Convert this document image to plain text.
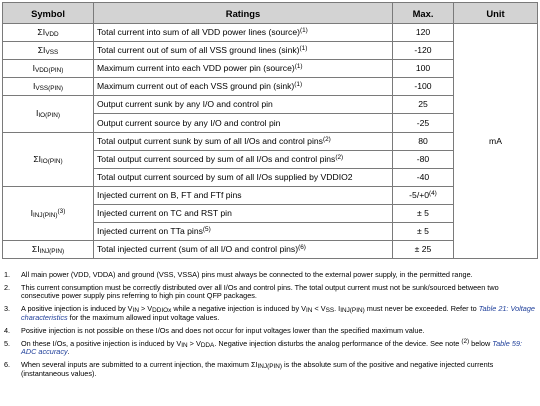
Symbol	Ratings	Max.	Unit
$\Sigma I_{VDD}$	Total current into sum of all VDD power lines (source)$^{(1)}$	120	mA
$\Sigma I_{VSS}$	Total current out of sum of all VSS ground lines $(\sin k)^{(1)}$	-120	
$I_{VDD(PIN)}$	Maximum current into each VDD power pin (source)$^{(1)}$	100	
$I_{VSS(PIN)}$	Maximum current out of each VSS ground pin $(\sin k)^{(1)}$	-100	
$I_{IO(PIN)}$	Output current sunk by any I/O and control pin	25	
	Output current source by any I/O and control pin	-25	
$\Sigma I_{IO(PIN)}$	Total output current sunk by sum of all I/Os and control pins$^{(2)}$	80	
	Total output current sourced by sum of all I/Os and control pins$^{(2)}$	-80	
	Total output current sourced by sum of all I/Os supplied by VDDIO2	-40	
$I_{INJ(PIN)}^{(3)}$	Injected current on B, FT and FTf pins	$-5/+0^{(4)}$
	Injected current on TC and RST pin	± 5	
	Injected current on TTa pins$^{(5)}$	± 5	
$\Sigma I_{INJ(PIN)}$	Total injected current (sum of all I/O and control pins)$^{(6)}$	± 25	
1. All main power (VDD, VDDA) and ground (VSS, VSSA) pins must always be connected to the external power supply, in the permitted range.
2. This current consumption must be correctly distributed over all I/Os and control pins. The total output current must not be sunk/sourced between two consecutive power supply pins referring to high pin count QFP packages.
3. A positive injection is induced by $V_{IN} > V_{DDIOx}$ while a negative injection is induced by $V_{IN} < V_{SS}$. $I_{INJ(PIN)}$ must never be exceeded. Refer to Table 21: Voltage characteristics for the maximum allowed input voltage values.
4. Positive injection is not possible on these I/Os and does not occur for input voltages lower than the specified maximum value.
5. On these I/Os, a positive injection is induced by $V_{IN} > V_{DDA}$. Negative injection disturbs the analog performance of the device. See note $^{(2)}$ below Table 59: ADC accuracy.
6. When several inputs are submitted to a current injection, the maximum $\Sigma I_{INJ(PIN)}$ is the absolute sum of the positive and negative injected currents (instantaneous values).
